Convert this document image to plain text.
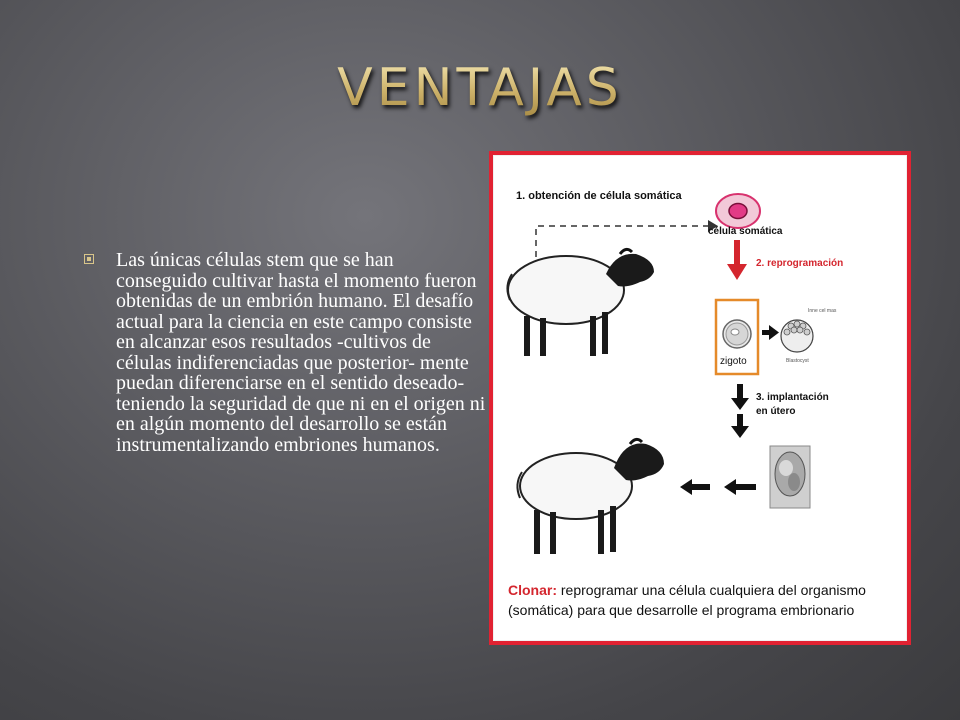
VENTAJAS

Las únicas células stem que se han conseguido cultivar hasta el momento fueron obtenidas de un embrión humano. El desafío actual para la ciencia en este campo consiste en alcanzar esos resultados -cultivos de células indiferenciadas que posterior- mente puedan diferenciarse en el sentido deseado- teniendo la seguridad de que ni en el origen ni en algún momento del desarrollo se están instrumentalizando embriones humanos.

1. obtención de célula somática
célula somática
2. reprogramación
zigoto
Inne cel mas
Blastocyst
3. implantación
en útero
Clonar: reprogramar una célula cualquiera del organismo (somática) para que desarrolle el programa embrionario
